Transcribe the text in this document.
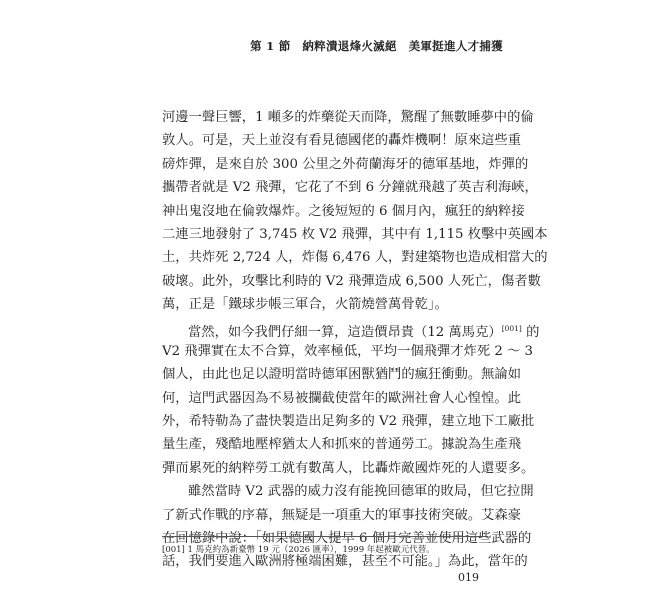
第 1 節　納粹潰退烽火滅絕　美軍挺進人才捕獲
河邊一聲巨響，1 噸多的炸藥從天而降，驚醒了無數睡夢中的倫
敦人。可是，天上並沒有看見德國佬的轟炸機啊！原來這些重
磅炸彈，是來自於 300 公里之外荷蘭海牙的德軍基地，炸彈的
攜帶者就是 V2 飛彈，它花了不到 6 分鐘就飛越了英吉利海峽，
神出鬼沒地在倫敦爆炸。之後短短的 6 個月內，瘋狂的納粹接
二連三地發射了 3,745 枚 V2 飛彈，其中有 1,115 枚擊中英國本
土，共炸死 2,724 人，炸傷 6,476 人，對建築物也造成相當大的
破壞。此外，攻擊比利時的 V2 飛彈造成 6,500 人死亡，傷者數
萬，正是「鐵球步帳三軍合，火箭燒營萬骨乾」。
當然，如今我們仔細一算，這造價昂貴（12 萬馬克）[001] 的
V2 飛彈實在太不合算，效率極低，平均一個飛彈才炸死 2 ～ 3
個人，由此也足以證明當時德軍困獸猶鬥的瘋狂衝動。無論如
何，這門武器因為不易被攔截使當年的歐洲社會人心惶惶。此
外，希特勒為了盡快製造出足夠多的 V2 飛彈，建立地下工廠批
量生產，殘酷地壓榨猶太人和抓來的普通勞工。據說為生產飛
彈而累死的納粹勞工就有數萬人，比轟炸敵國炸死的人還要多。
雖然當時 V2 武器的威力沒有能挽回德軍的敗局，但它拉開
了新式作戰的序幕，無疑是一項重大的軍事技術突破。艾森豪
在回憶錄中說：「如果德國人提早 6 個月完善並使用這些武器的
話，我們要進入歐洲將極端困難，甚至不可能。」為此，當年的
[001] 1 馬克約為新臺幣 19 元（2026 匯率），1999 年起被歐元代替。
019
